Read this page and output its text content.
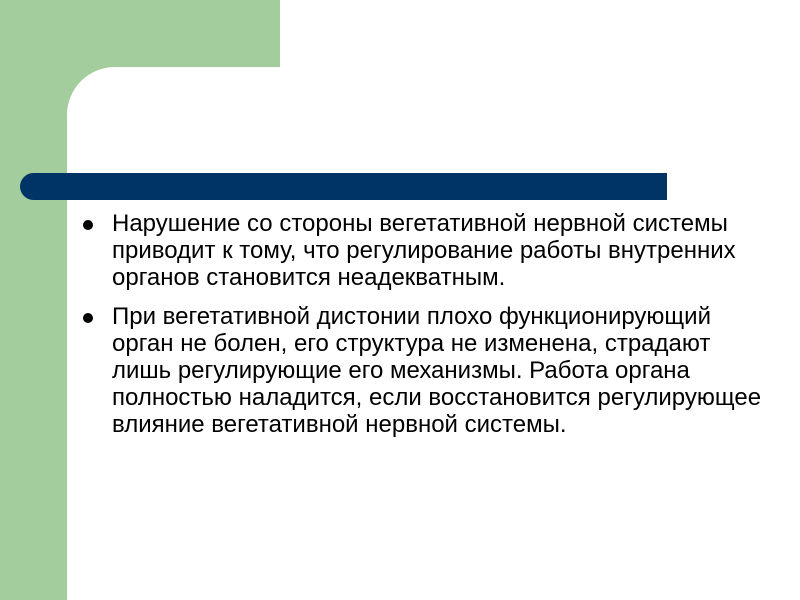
Нарушение со стороны вегетативной нервной системы приводит к тому, что регулирование работы внутренних органов становится неадекватным.
При вегетативной дистонии плохо функционирующий орган не болен, его структура не изменена, страдают лишь регулирующие его механизмы. Работа органа полностью наладится, если восстановится регулирующее влияние вегетативной нервной системы.
